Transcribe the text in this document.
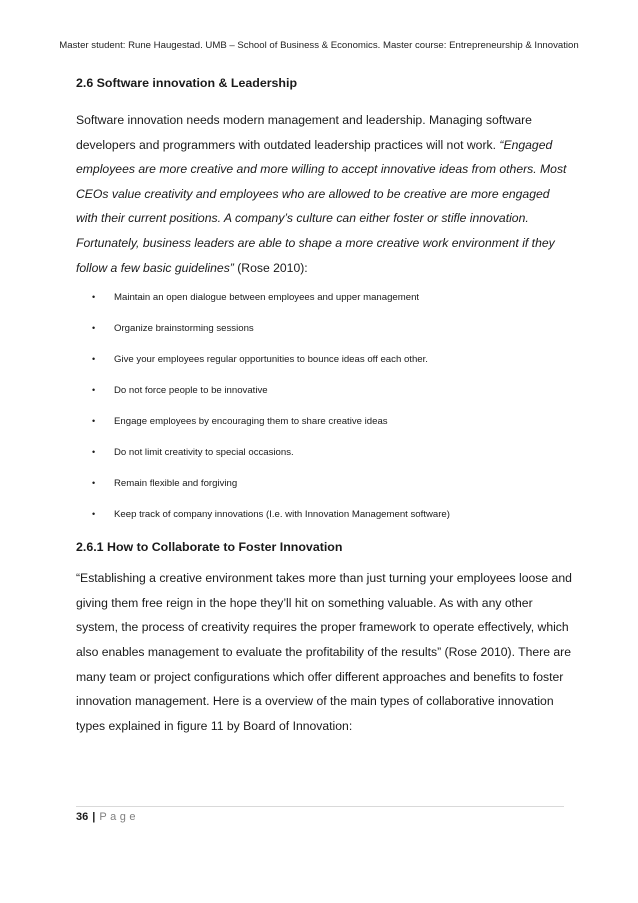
Master student: Rune Haugestad. UMB – School of Business & Economics. Master course: Entrepreneurship & Innovation
2.6 Software innovation & Leadership

Software innovation needs modern management and leadership. Managing software developers and programmers with outdated leadership practices will not work. “Engaged employees are more creative and more willing to accept innovative ideas from others. Most CEOs value creativity and employees who are allowed to be creative are more engaged with their current positions. A company’s culture can either foster or stifle innovation. Fortunately, business leaders are able to shape a more creative work environment if they follow a few basic guidelines” (Rose 2010):

• Maintain an open dialogue between employees and upper management
• Organize brainstorming sessions
• Give your employees regular opportunities to bounce ideas off each other.
• Do not force people to be innovative
• Engage employees by encouraging them to share creative ideas
• Do not limit creativity to special occasions.
• Remain flexible and forgiving
• Keep track of company innovations (I.e. with Innovation Management software)
2.6.1 How to Collaborate to Foster Innovation

“Establishing a creative environment takes more than just turning your employees loose and giving them free reign in the hope they’ll hit on something valuable. As with any other system, the process of creativity requires the proper framework to operate effectively, which also enables management to evaluate the profitability of the results” (Rose 2010). There are many team or project configurations which offer different approaches and benefits to foster innovation management. Here is a overview of the main types of collaborative innovation types explained in figure 11 by Board of Innovation:

36 | Page
